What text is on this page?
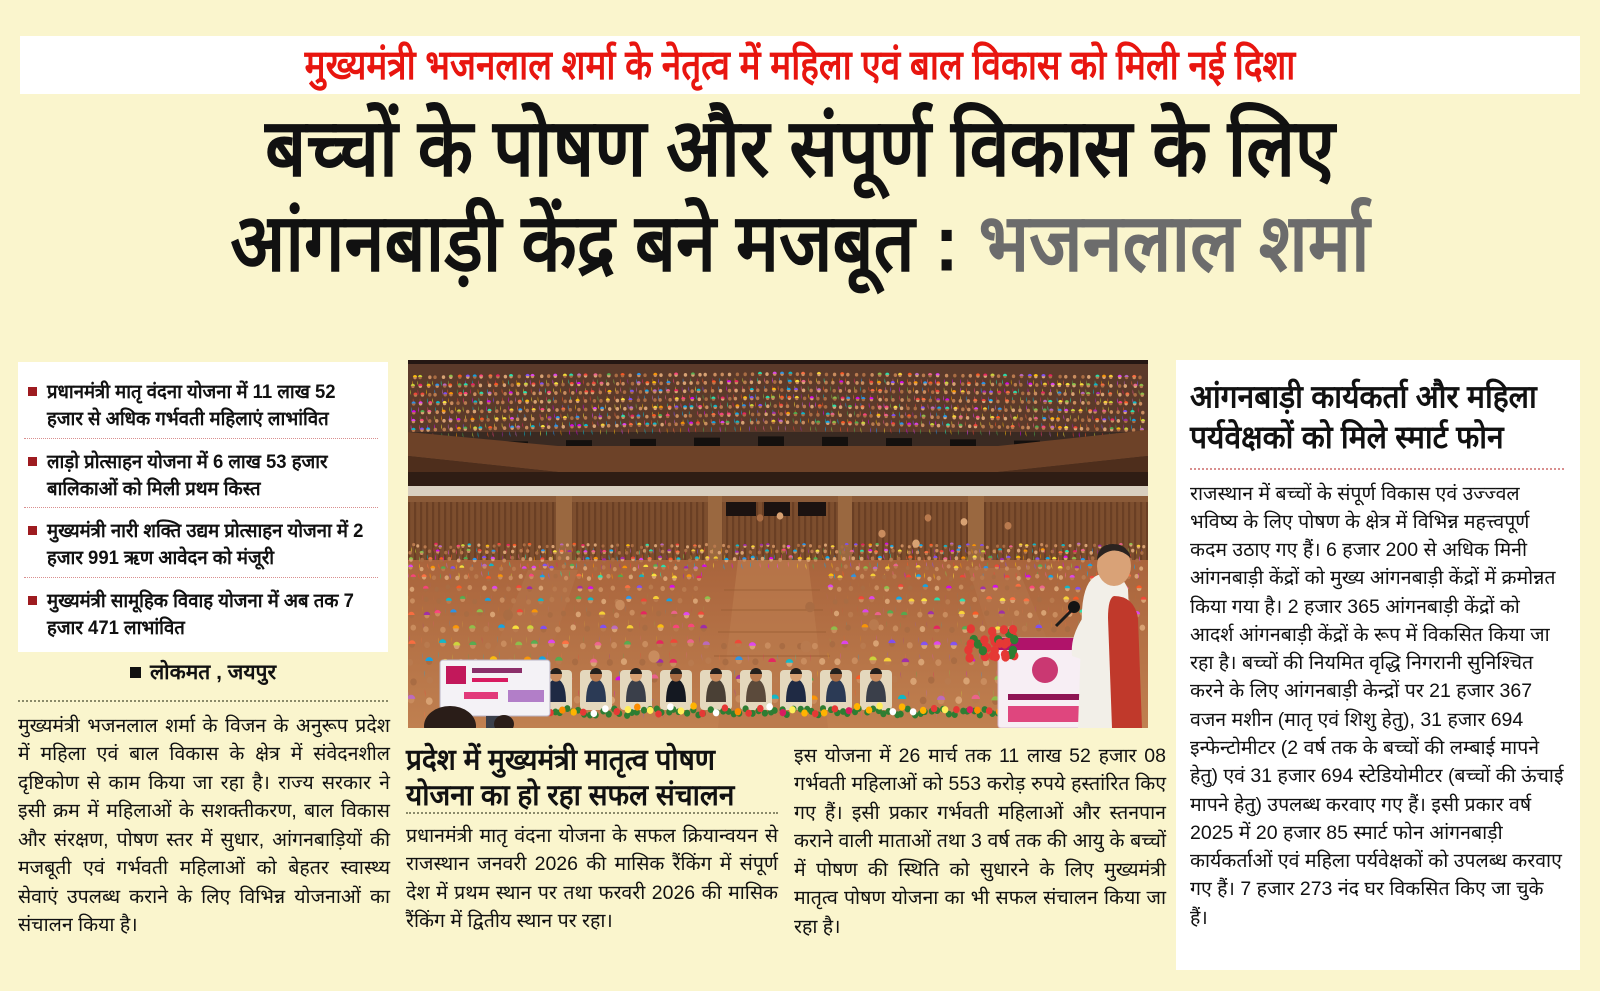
मुख्यमंत्री भजनलाल शर्मा के नेतृत्व में महिला एवं बाल विकास को मिली नई दिशा
बच्चों के पोषण और संपूर्ण विकास के लिए
आंगनबाड़ी केंद्र बने मजबूत : भजनलाल शर्मा
प्रधानमंत्री मातृ वंदना योजना में 11 लाख 52 हजार से अधिक गर्भवती महिलाएं लाभांवित
लाड़ो प्रोत्साहन योजना में 6 लाख 53 हजार बालिकाओं को मिली प्रथम किस्त
मुख्यमंत्री नारी शक्ति उद्यम प्रोत्साहन योजना में 2 हजार 991 ऋण आवेदन को मंजूरी
मुख्यमंत्री सामूहिक विवाह योजना में अब तक 7 हजार 471 लाभांवित
लोकमत , जयपुर
प्रदेश में मुख्यमंत्री मातृत्व पोषण योजना का हो रहा सफल संचालन

मुख्यमंत्री भजनलाल शर्मा के विजन के अनुरूप प्रदेश में महिला एवं बाल विकास के क्षेत्र में संवेदनशील दृष्टिकोण से काम किया जा रहा है। राज्य सरकार ने इसी क्रम में महिलाओं के सशक्तीकरण, बाल विकास और संरक्षण, पोषण स्तर में सुधार, आंगनबाड़ियों की मजबूती एवं गर्भवती महिलाओं को बेहतर स्वास्थ्य सेवाएं उपलब्ध कराने के लिए विभिन्न योजनाओं का संचालन किया है।

प्रधानमंत्री मातृ वंदना योजना के सफल क्रियान्वयन से राजस्थान जनवरी 2026 की मासिक रैंकिंग में संपूर्ण देश में प्रथम स्थान पर तथा फरवरी 2026 की मासिक रैंकिंग में द्वितीय स्थान पर रहा।

इस योजना में 26 मार्च तक 11 लाख 52 हजार 08 गर्भवती महिलाओं को 553 करोड़ रुपये हस्तांरित किए गए हैं। इसी प्रकार गर्भवती महिलाओं और स्तनपान कराने वाली माताओं तथा 3 वर्ष तक की आयु के बच्चों में पोषण की स्थिति को सुधारने के लिए मुख्यमंत्री मातृत्व पोषण योजना का भी सफल संचालन किया जा रहा है।

आंगनबाड़ी कार्यकर्ता और महिला पर्यवेक्षकों को मिले स्मार्ट फोन

राजस्थान में बच्चों के संपूर्ण विकास एवं उज्ज्वल भविष्य के लिए पोषण के क्षेत्र में विभिन्न महत्त्वपूर्ण कदम उठाए गए हैं। 6 हजार 200 से अधिक मिनी आंगनबाड़ी केंद्रों को मुख्य आंगनबाड़ी केंद्रों में क्रमोन्नत किया गया है। 2 हजार 365 आंगनबाड़ी केंद्रों को आदर्श आंगनबाड़ी केंद्रों के रूप में विकसित किया जा रहा है। बच्चों की नियमित वृद्धि निगरानी सुनिश्चित करने के लिए आंगनबाड़ी केन्द्रों पर 21 हजार 367 वजन मशीन (मातृ एवं शिशु हेतु), 31 हजार 694 इन्फेन्टोमीटर (2 वर्ष तक के बच्चों की लम्बाई मापने हेतु) एवं 31 हजार 694 स्टेडियोमीटर (बच्चों की ऊंचाई मापने हेतु) उपलब्ध करवाए गए हैं। इसी प्रकार वर्ष 2025 में 20 हजार 85 स्मार्ट फोन आंगनबाड़ी कार्यकर्ताओं एवं महिला पर्यवेक्षकों को उपलब्ध करवाए गए हैं। 7 हजार 273 नंद घर विकसित किए जा चुके हैं।
